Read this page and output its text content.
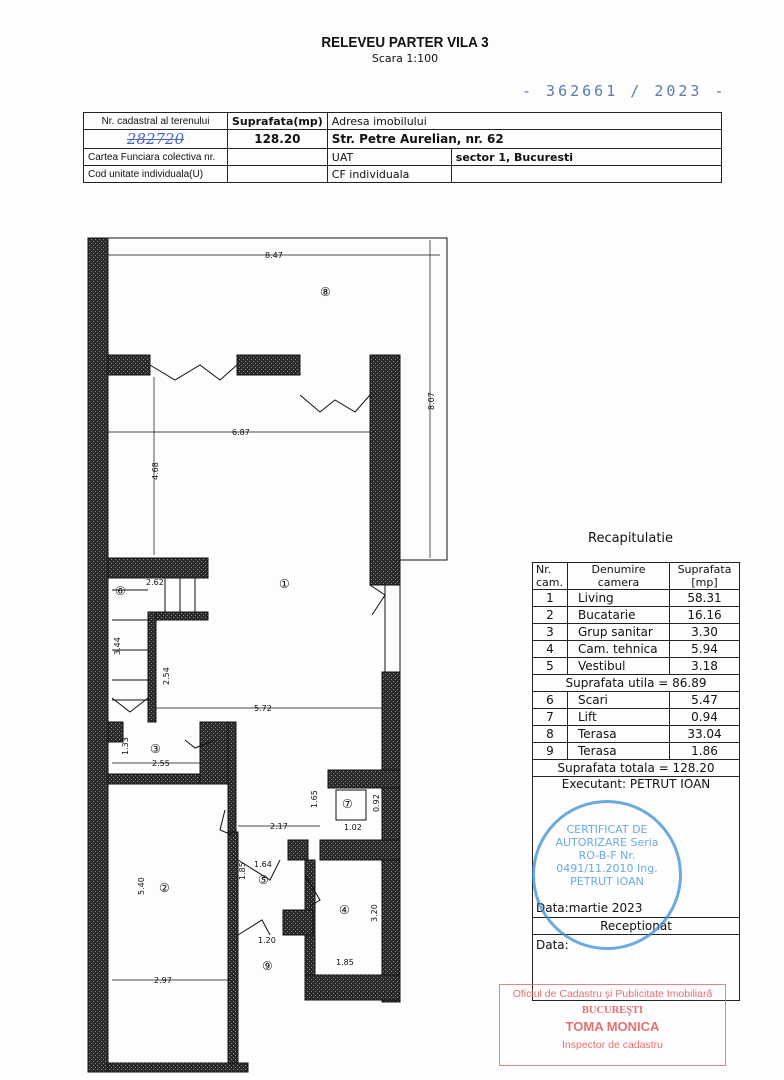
RELEVEU PARTER VILA 3
Scara 1:100
- 362661 / 2023 -
Nr. cadastral al terenului	Suprafata(mp)	Adresa imobilului	
282720	128.20	Str. Petre Aurelian, nr. 62	
Cartea Funciara colectiva nr.		UAT	sector 1, Bucuresti
Cod unitate individuala(U)		CF individuala	
8.47
8.07
6.87
4.68
2.62
3.44
2.54
5.72
1.33
2.55
5.40
2.97
2.17
1.65
1.02
0.92
1.64
1.85
3.20
1.85
1.20
①
②
③
④
⑤
⑥
⑦
⑧
⑨
Recapitulatie
Nr.
cam.	Denumire camera	Suprafata [mp]
1	Living	58.31
2	Bucatarie	16.16
3	Grup sanitar	3.30
4	Cam. tehnica	5.94
5	Vestibul	3.18
Suprafata utila = 86.89		
6	Scari	5.47
7	Lift	0.94
8	Terasa	33.04
9	Terasa	1.86
Suprafata totala = 128.20		

Executant: PETRUT IOAN
Data:martie 2023		

Receptionat		
Data:		
CERTIFICAT DE AUTORIZARE Seria RO-B-F Nr. 0491/11.2010 Ing. PETRUT IOAN
Oficiul de Cadastru şi Publicitate Imobiliară
BUCUREŞTI
TOMA MONICA
Inspector de cadastru
